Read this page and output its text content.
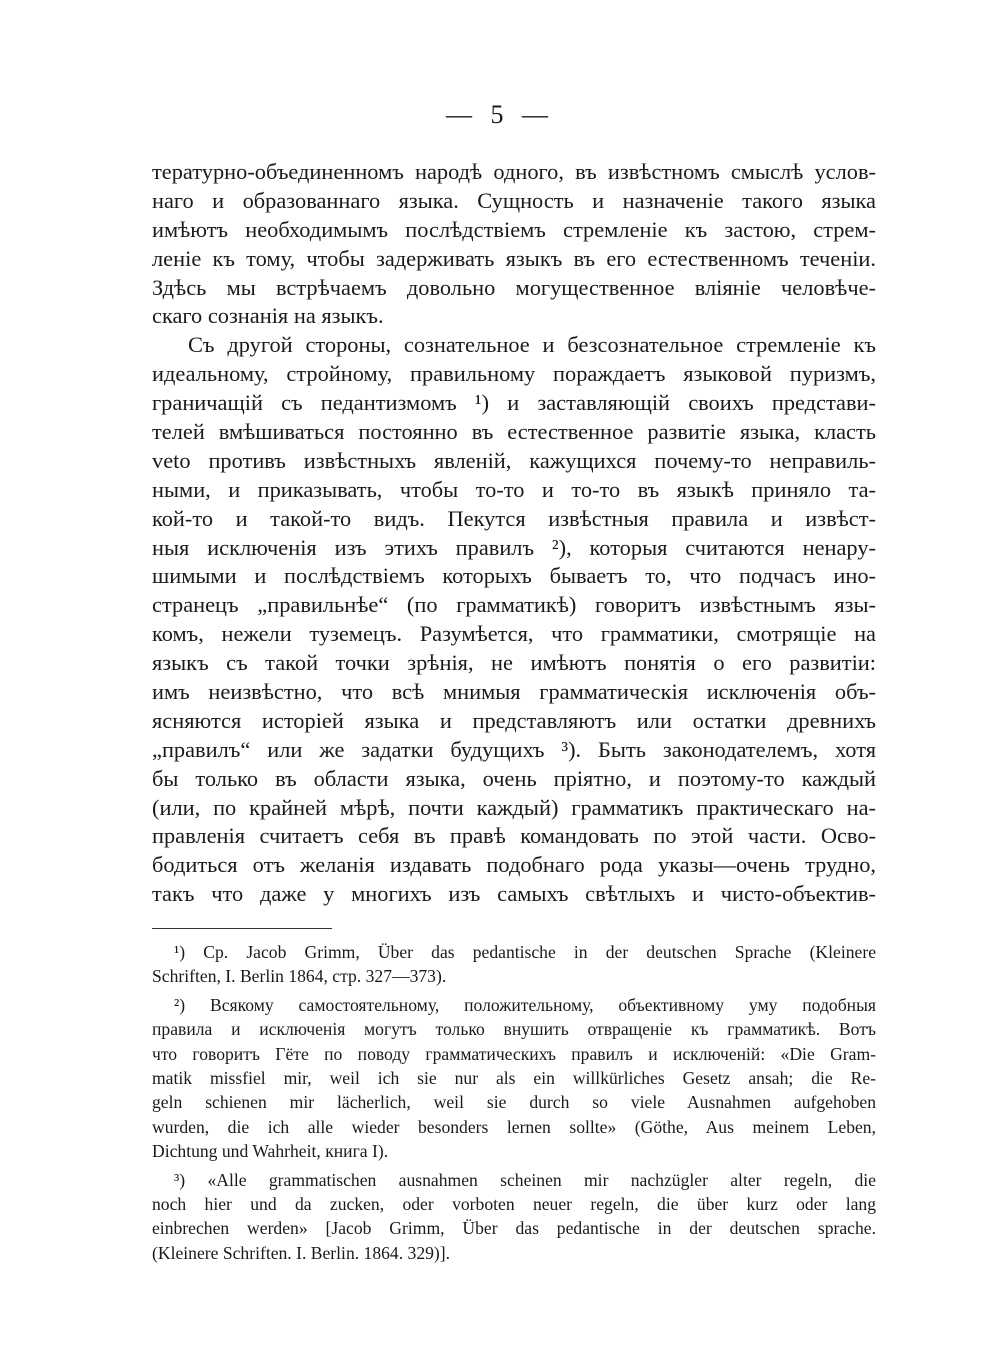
— 5 —
тературно-объединенномъ народѣ одного, въ извѣстномъ смыслѣ услов-
наго и образованнаго языка. Сущность и назначеніе такого языка
имѣютъ необходимымъ послѣдствіемъ стремленіе къ застою, стрем-
леніе къ тому, чтобы задерживать языкъ въ его естественномъ теченіи.
Здѣсь мы встрѣчаемъ довольно могущественное вліяніе человѣче-
скаго сознанія на языкъ.
Съ другой стороны, сознательное и безсознательное стремленіе къ
идеальному, стройному, правильному пораждаетъ языковой пуризмъ,
граничащій съ педантизмомъ ¹) и заставляющій своихъ представи-
телей вмѣшиваться постоянно въ естественное развитіе языка, класть
veto противъ извѣстныхъ явленій, кажущихся почему-то неправиль-
ными, и приказывать, чтобы то-то и то-то въ языкѣ приняло та-
кой-то и такой-то видъ. Пекутся извѣстныя правила и извѣст-
ныя исключенія изъ этихъ правилъ ²), которыя считаются ненару-
шимыми и послѣдствіемъ которыхъ бываетъ то, что подчасъ ино-
странецъ „правильнѣе“ (по грамматикѣ) говоритъ извѣстнымъ язы-
комъ, нежели туземецъ. Разумѣется, что грамматики, смотрящіе на
языкъ съ такой точки зрѣнія, не имѣютъ понятія о его развитіи:
имъ неизвѣстно, что всѣ мнимыя грамматическія исключенія объ-
ясняются исторіей языка и представляютъ или остатки древнихъ
„правилъ“ или же задатки будущихъ ³). Быть законодателемъ, хотя
бы только въ области языка, очень пріятно, и поэтому-то каждый
(или, по крайней мѣрѣ, почти каждый) грамматикъ практическаго на-
правленія считаетъ себя въ правѣ командовать по этой части. Осво-
бодиться отъ желанія издавать подобнаго рода указы—очень трудно,
такъ что даже у многихъ изъ самыхъ свѣтлыхъ и чисто-объектив-
¹) Ср. Jacob Grimm, Über das pedantische in der deutschen Sprache (Kleinere
Schriften, I. Berlin 1864, стр. 327—373).
²) Всякому самостоятельному, положительному, объективному уму подобныя
правила и исключенія могутъ только внушить отвращеніе къ грамматикѣ. Вотъ
что говоритъ Гёте по поводу грамматическихъ правилъ и исключеній: «Die Gram-
matik missfiel mir, weil ich sie nur als ein willkürliches Gesetz ansah; die Re-
geln schienen mir lächerlich, weil sie durch so viele Ausnahmen aufgehoben
wurden, die ich alle wieder besonders lernen sollte» (Göthe, Aus meinem Leben,
Dichtung und Wahrheit, книга I).
³) «Alle grammatischen ausnahmen scheinen mir nachzügler alter regeln, die
noch hier und da zucken, oder vorboten neuer regeln, die über kurz oder lang
einbrechen werden» [Jacob Grimm, Über das pedantische in der deutschen sprache.
(Kleinere Schriften. I. Berlin. 1864. 329)].
